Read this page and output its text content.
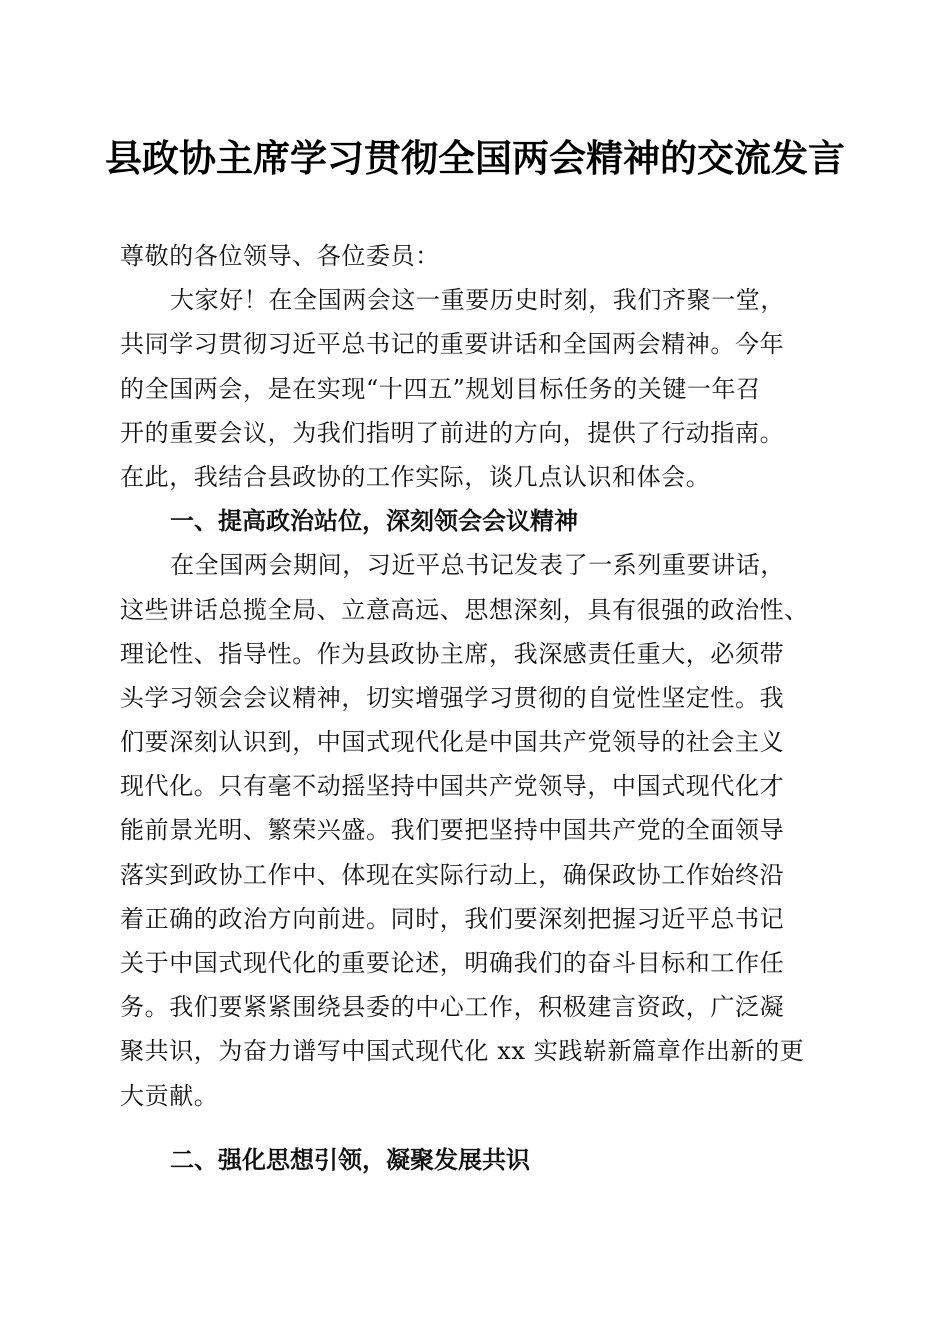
县政协主席学习贯彻全国两会精神的交流发言

尊敬的各位领导、各位委员：

大家好！在全国两会这一重要历史时刻，我们齐聚一堂，

共同学习贯彻习近平总书记的重要讲话和全国两会精神。今年

的全国两会，是在实现“十四五”规划目标任务的关键一年召

开的重要会议，为我们指明了前进的方向，提供了行动指南。

在此，我结合县政协的工作实际，谈几点认识和体会。

一、提高政治站位，深刻领会会议精神

在全国两会期间，习近平总书记发表了一系列重要讲话，

这些讲话总揽全局、立意高远、思想深刻，具有很强的政治性、

理论性、指导性。作为县政协主席，我深感责任重大，必须带

头学习领会会议精神，切实增强学习贯彻的自觉性坚定性。我

们要深刻认识到，中国式现代化是中国共产党领导的社会主义

现代化。只有毫不动摇坚持中国共产党领导，中国式现代化才

能前景光明、繁荣兴盛。我们要把坚持中国共产党的全面领导

落实到政协工作中、体现在实际行动上，确保政协工作始终沿

着正确的政治方向前进。同时，我们要深刻把握习近平总书记

关于中国式现代化的重要论述，明确我们的奋斗目标和工作任

务。我们要紧紧围绕县委的中心工作，积极建言资政，广泛凝

聚共识，为奋力谱写中国式现代化 xx 实践崭新篇章作出新的更

大贡献。

二、强化思想引领，凝聚发展共识
